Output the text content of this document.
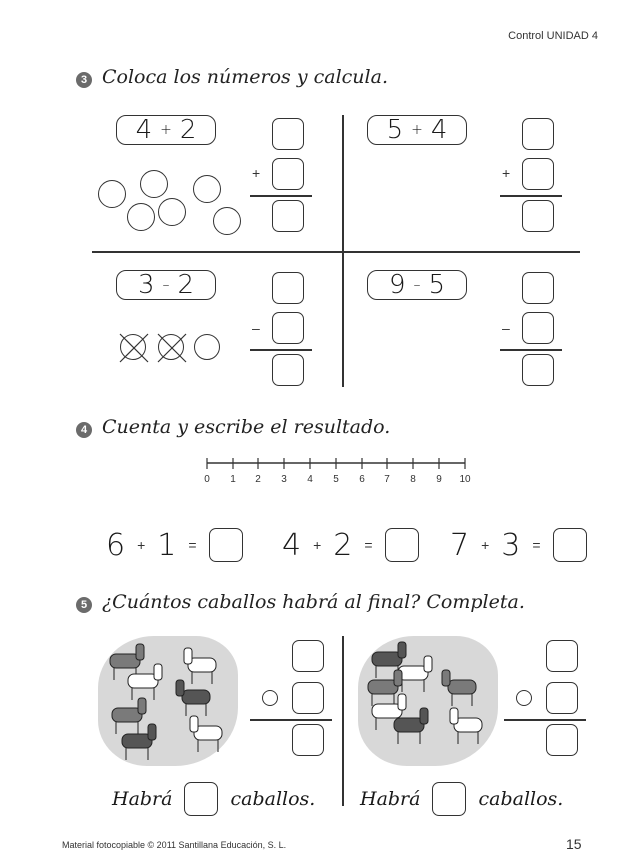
Control UNIDAD 4
3 Coloca los números y calcula.
4 + 2
+
5 + 4
+
3 – 2
–
9 – 5
–
4 Cuenta y escribe el resultado.
0	1	2	3	4	5	6	7	8	9	10
6 + 1 =	4 + 2 =	7 + 3 =
5 ¿Cuántos caballos habrá al final? Completa.
Habrá	caballos. Habrá	caballos.
Material fotocopiable © 2011 Santillana Educación, S. L.	15
